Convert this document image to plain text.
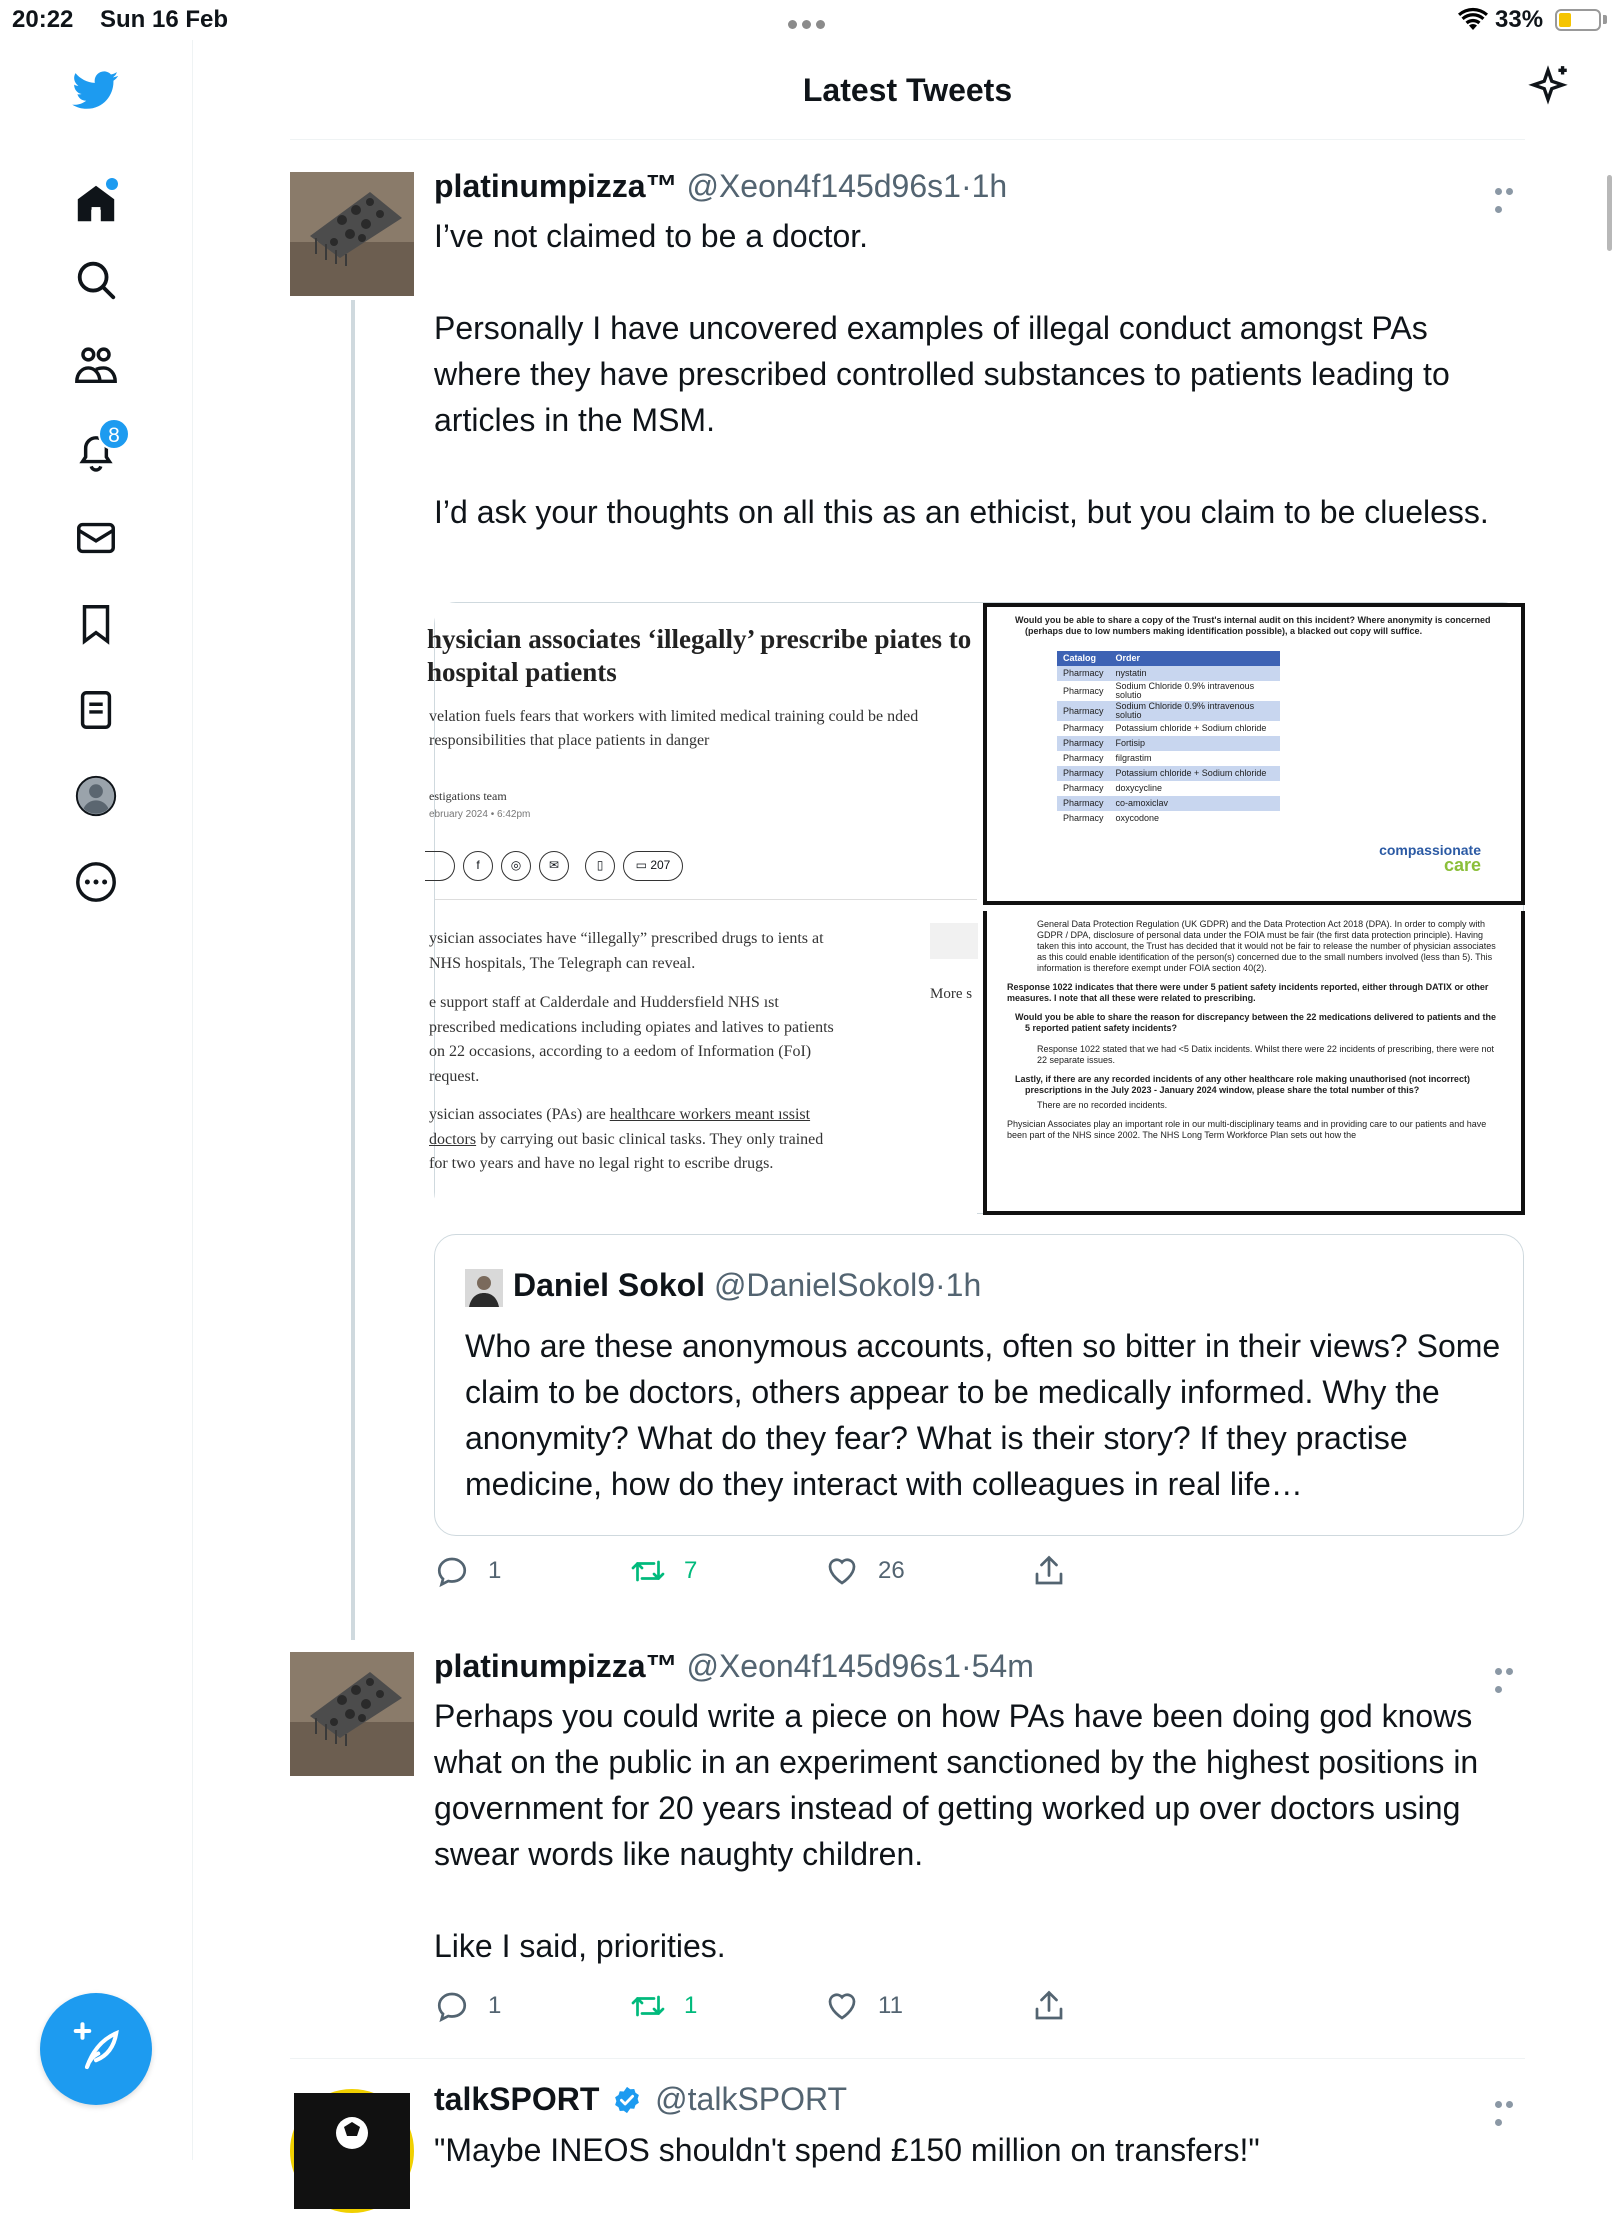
20:22 Sun 16 Feb	33%
8
Latest Tweets
platinumpizza™ @Xeon4f145d96s1·1h
I’ve not claimed to be a doctor.

Personally I have uncovered examples of illegal conduct amongst PAs where they have prescribed controlled substances to patients leading to articles in the MSM.

I’d ask your thoughts on all this as an ethicist, but you claim to be clueless.
hysician associates ‘illegally’ prescribe piates to hospital patients
velation fuels fears that workers with limited medical training could be nded responsibilities that place patients in danger
estigations team
ebruary 2024 • 6:42pm
f	◎	✉	▯	▭ 207
Would you be able to share a copy of the Trust's internal audit on this incident? Where anonymity is concerned (perhaps due to low numbers making identification possible), a blacked out copy will suffice.
Catalog	Order
Pharmacy	nystatin
Pharmacy	Sodium Chloride 0.9% intravenous solutio
Pharmacy	Sodium Chloride 0.9% intravenous solutio
Pharmacy	Potassium chloride + Sodium chloride
Pharmacy	Fortisip
Pharmacy	filgrastim
Pharmacy	Potassium chloride + Sodium chloride
Pharmacy	doxycycline
Pharmacy	co-amoxiclav
Pharmacy	oxycodone
compassionate
care
More s
ysician associates have “illegally” prescribed drugs to ients at NHS hospitals, The Telegraph can reveal.
e support staff at Calderdale and Huddersfield NHS ıst prescribed medications including opiates and latives to patients on 22 occasions, according to a eedom of Information (FoI) request.
ysician associates (PAs) are healthcare workers meant ıssist doctors by carrying out basic clinical tasks. They only trained for two years and have no legal right to escribe drugs.
General Data Protection Regulation (UK GDPR) and the Data Protection Act 2018 (DPA). In order to comply with GDPR / DPA, disclosure of personal data under the FOIA must be fair (the first data protection principle). Having taken this into account, the Trust has decided that it would not be fair to release the number of physician associates as this could enable identification of the person(s) concerned due to the small numbers involved (less than 5). This information is therefore exempt under FOIA section 40(2).
Response 1022 indicates that there were under 5 patient safety incidents reported, either through DATIX or other measures. I note that all these were related to prescribing.
Would you be able to share the reason for discrepancy between the 22 medications delivered to patients and the 5 reported patient safety incidents?
Response 1022 stated that we had <5 Datix incidents. Whilst there were 22 incidents of prescribing, there were not 22 separate issues.
Lastly, if there are any recorded incidents of any other healthcare role making unauthorised (not incorrect) prescriptions in the July 2023 - January 2024 window, please share the total number of this?
There are no recorded incidents.
Physician Associates play an important role in our multi-disciplinary teams and in providing care to our patients and have been part of the NHS since 2002. The NHS Long Term Workforce Plan sets out how the
Daniel Sokol @DanielSokol9·1h
Who are these anonymous accounts, often so bitter in their views? Some claim to be doctors, others appear to be medically informed. Why the anonymity? What do they fear? What is their story? If they practise medicine, how do they interact with colleagues in real life…
1	7	26
platinumpizza™ @Xeon4f145d96s1·54m
Perhaps you could write a piece on how PAs have been doing god knows what on the public in an experiment sanctioned by the highest positions in government for 20 years instead of getting worked up over doctors using swear words like naughty children.

Like I said, priorities.
1	1	11
talkSPORT @talkSPORT
"Maybe INEOS shouldn't spend £150 million on transfers!"
